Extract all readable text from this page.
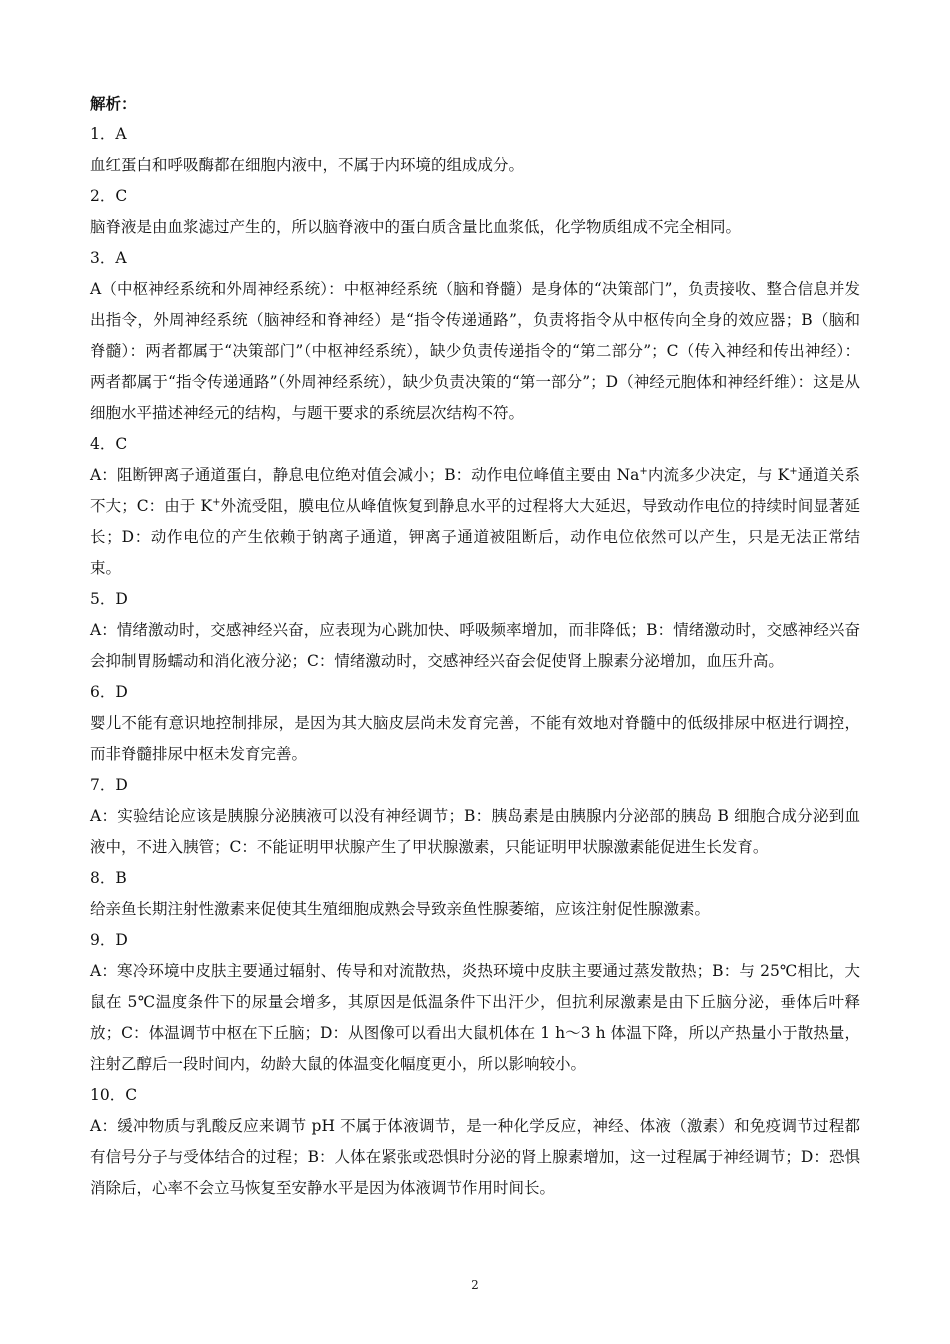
解析：
1．A
血红蛋白和呼吸酶都在细胞内液中，不属于内环境的组成成分。
2．C
脑脊液是由血浆滤过产生的，所以脑脊液中的蛋白质含量比血浆低，化学物质组成不完全相同。
3．A
A（中枢神经系统和外周神经系统）：中枢神经系统（脑和脊髓）是身体的“决策部门”，负责接收、整合信息并发出指令，外周神经系统（脑神经和脊神经）是“指令传递通路”，负责将指令从中枢传向全身的效应器；B（脑和脊髓）：两者都属于“决策部门”（中枢神经系统），缺少负责传递指令的“第二部分”；C（传入神经和传出神经）：两者都属于“指令传递通路”（外周神经系统），缺少负责决策的“第一部分”；D（神经元胞体和神经纤维）：这是从细胞水平描述神经元的结构，与题干要求的系统层次结构不符。
4．C
A：阻断钾离子通道蛋白，静息电位绝对值会减小；B：动作电位峰值主要由 Na+内流多少决定，与 K+通道关系不大；C：由于 K+外流受阻，膜电位从峰值恢复到静息水平的过程将大大延迟，导致动作电位的持续时间显著延长；D：动作电位的产生依赖于钠离子通道，钾离子通道被阻断后，动作电位依然可以产生，只是无法正常结束。
5．D
A：情绪激动时，交感神经兴奋，应表现为心跳加快、呼吸频率增加，而非降低；B：情绪激动时，交感神经兴奋会抑制胃肠蠕动和消化液分泌；C：情绪激动时，交感神经兴奋会促使肾上腺素分泌增加，血压升高。
6．D
婴儿不能有意识地控制排尿，是因为其大脑皮层尚未发育完善，不能有效地对脊髓中的低级排尿中枢进行调控，而非脊髓排尿中枢未发育完善。
7．D
A：实验结论应该是胰腺分泌胰液可以没有神经调节；B：胰岛素是由胰腺内分泌部的胰岛 B 细胞合成分泌到血液中，不进入胰管；C：不能证明甲状腺产生了甲状腺激素，只能证明甲状腺激素能促进生长发育。
8．B
给亲鱼长期注射性激素来促使其生殖细胞成熟会导致亲鱼性腺萎缩，应该注射促性腺激素。
9．D
A：寒冷环境中皮肤主要通过辐射、传导和对流散热，炎热环境中皮肤主要通过蒸发散热；B：与 25℃相比，大鼠在 5℃温度条件下的尿量会增多，其原因是低温条件下出汗少，但抗利尿激素是由下丘脑分泌，垂体后叶释放；C：体温调节中枢在下丘脑；D：从图像可以看出大鼠机体在 1 h～3 h 体温下降，所以产热量小于散热量，注射乙醇后一段时间内，幼龄大鼠的体温变化幅度更小，所以影响较小。
10．C
A：缓冲物质与乳酸反应来调节 pH 不属于体液调节，是一种化学反应，神经、体液（激素）和免疫调节过程都有信号分子与受体结合的过程；B：人体在紧张或恐惧时分泌的肾上腺素增加，这一过程属于神经调节；D：恐惧消除后，心率不会立马恢复至安静水平是因为体液调节作用时间长。
2
